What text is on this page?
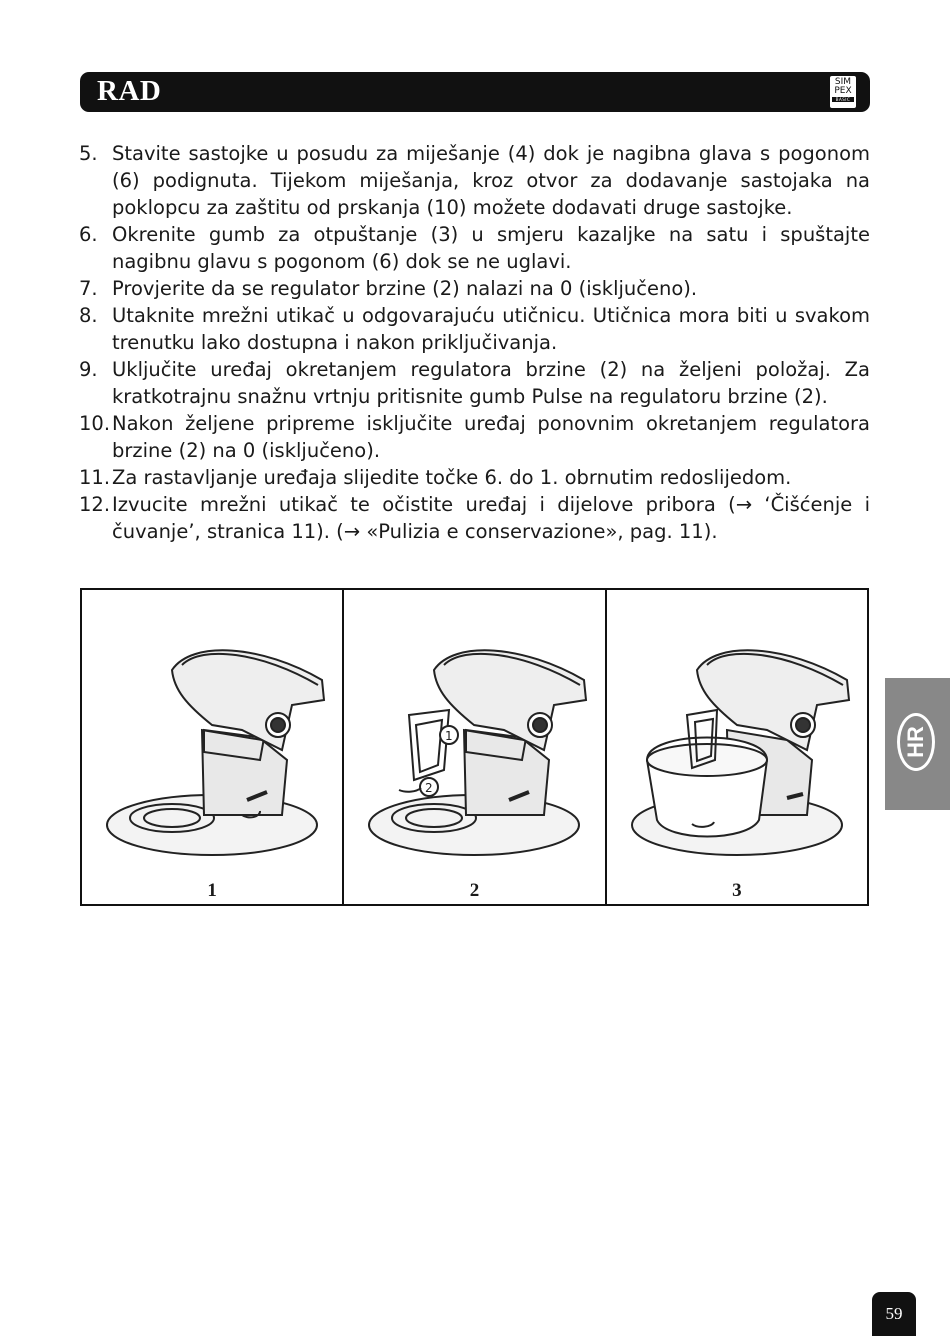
RAD	SIM
PEX
BASIC
5. Stavite sastojke u posudu za miješanje (4) dok je nagibna glava s pogonom (6) podignuta. Tijekom miješanja, kroz otvor za dodavanje sastojaka na poklopcu za zaštitu od prskanja (10) možete dodavati druge sastojke.
6. Okrenite gumb za otpuštanje (3) u smjeru kazaljke na satu i spuštajte nagibnu glavu s pogonom (6) dok se ne uglavi.
7. Provjerite da se regulator brzine (2) nalazi na 0 (isključeno).
8. Utaknite mrežni utikač u odgovarajuću utičnicu. Utičnica mora biti u svakom trenutku lako dostupna i nakon priključivanja.
9. Uključite uređaj okretanjem regulatora brzine (2) na željeni položaj. Za kratkotrajnu snažnu vrtnju pritisnite gumb Pulse na regulatoru brzine (2).
10. Nakon željene pripreme isključite uređaj ponovnim okretanjem regulatora brzine (2) na 0 (isključeno).
11. Za rastavljanje uređaja slijedite točke 6. do 1. obrnutim redoslijedom.
12. Izvucite mrežni utikač te očistite uređaj i dijelove pribora (→ ‘Čišćenje i čuvanje’, stranica 11). (→ «Pulizia e conservazione», pag. 11).
1
1
2
2	3
HR
59
